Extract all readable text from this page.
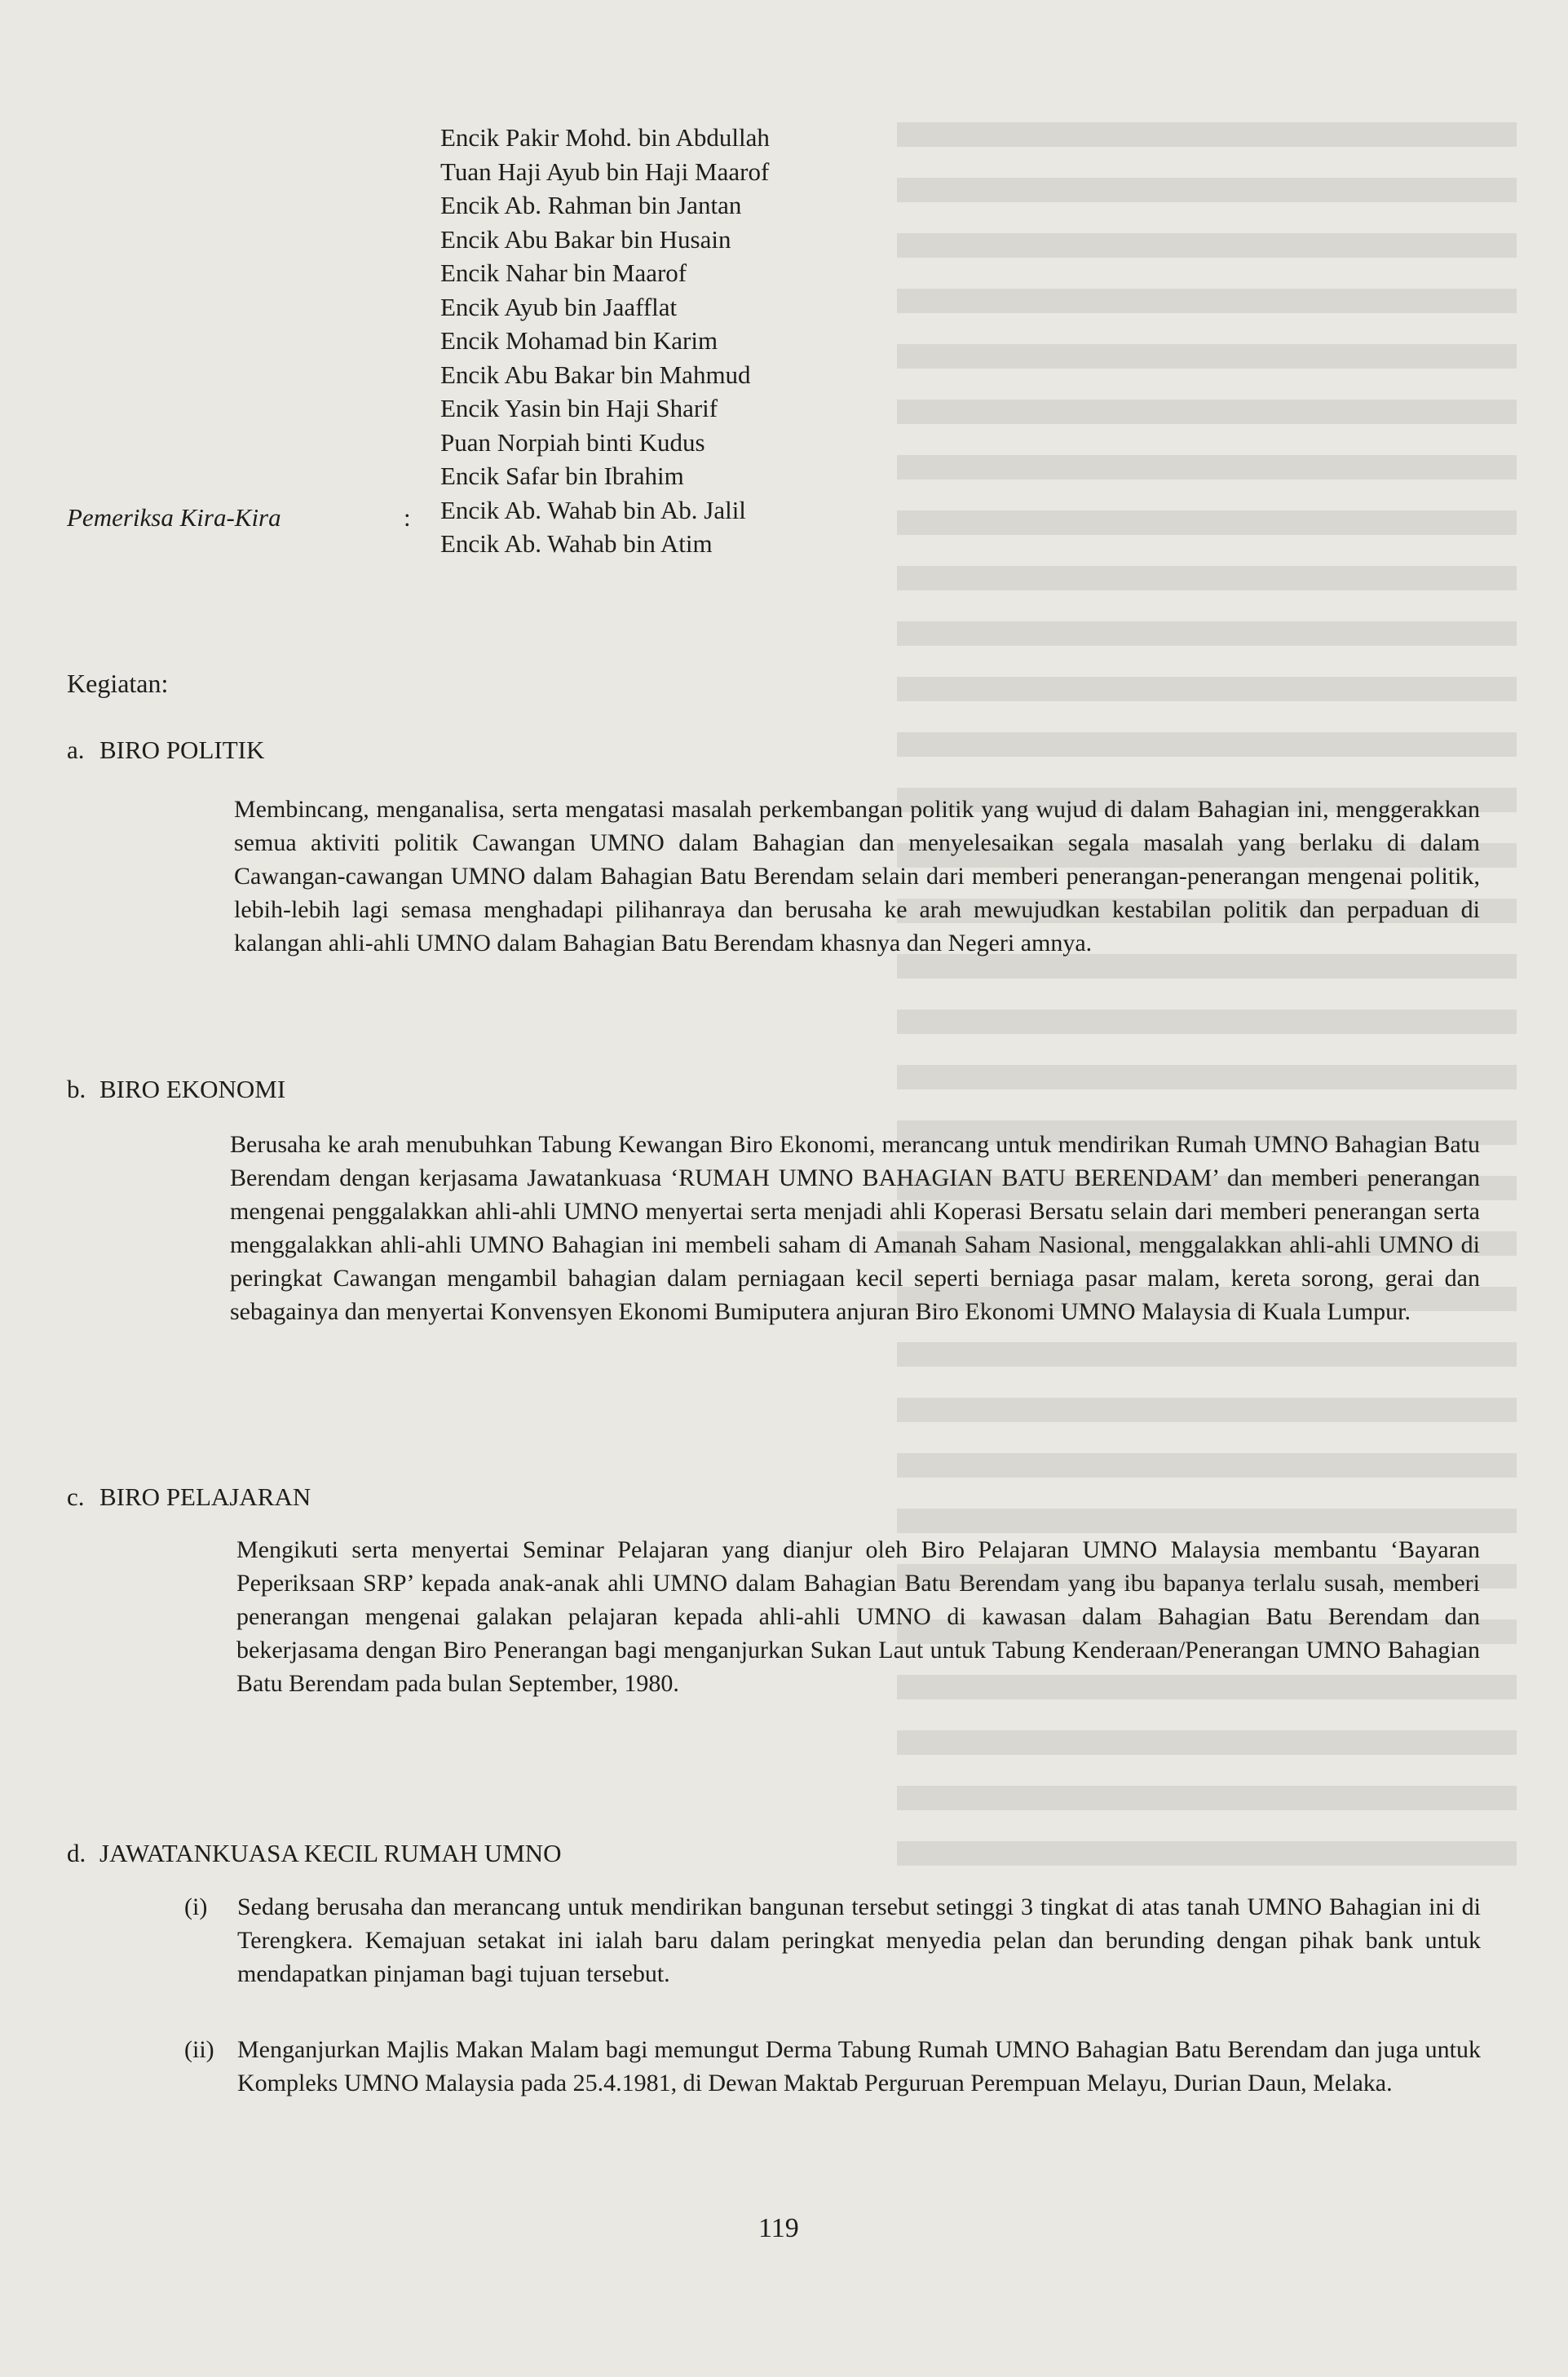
Encik Pakir Mohd. bin Abdullah
Tuan Haji Ayub bin Haji Maarof
Encik Ab. Rahman bin Jantan
Encik Abu Bakar bin Husain
Encik Nahar bin Maarof
Encik Ayub bin Jaafflat
Encik Mohamad bin Karim
Encik Abu Bakar bin Mahmud
Encik Yasin bin Haji Sharif
Puan Norpiah binti Kudus
Encik Safar bin Ibrahim
Encik Ab. Wahab bin Ab. Jalil
Encik Ab. Wahab bin Atim
Pemeriksa Kira-Kira	:
Kegiatan:
a. BIRO POLITIK

Membincang, menganalisa, serta mengatasi masalah perkembangan politik yang wujud di dalam Bahagian ini, menggerakkan semua aktiviti politik Cawangan UMNO dalam Bahagian dan menyelesaikan segala masalah yang berlaku di dalam Cawangan-cawangan UMNO dalam Bahagian Batu Berendam selain dari memberi penerangan-penerangan mengenai politik, lebih-lebih lagi semasa menghadapi pilihanraya dan berusaha ke arah mewujudkan kestabilan politik dan perpaduan di kalangan ahli-ahli UMNO dalam Bahagian Batu Berendam khasnya dan Negeri amnya.

b. BIRO EKONOMI

Berusaha ke arah menubuhkan Tabung Kewangan Biro Ekonomi, merancang untuk mendirikan Rumah UMNO Bahagian Batu Berendam dengan kerjasama Jawatankuasa ‘RUMAH UMNO BAHAGIAN BATU BERENDAM’ dan memberi penerangan mengenai penggalakkan ahli-ahli UMNO menyertai serta menjadi ahli Koperasi Bersatu selain dari memberi penerangan serta menggalakkan ahli-ahli UMNO Bahagian ini membeli saham di Amanah Saham Nasional, menggalakkan ahli-ahli UMNO di peringkat Cawangan mengambil bahagian dalam perniagaan kecil seperti berniaga pasar malam, kereta sorong, gerai dan sebagainya dan menyertai Konvensyen Ekonomi Bumiputera anjuran Biro Ekonomi UMNO Malaysia di Kuala Lumpur.

c. BIRO PELAJARAN

Mengikuti serta menyertai Seminar Pelajaran yang dianjur oleh Biro Pelajaran UMNO Malaysia membantu ‘Bayaran Peperiksaan SRP’ kepada anak-anak ahli UMNO dalam Bahagian Batu Berendam yang ibu bapanya terlalu susah, memberi penerangan mengenai galakan pelajaran kepada ahli-ahli UMNO di kawasan dalam Bahagian Batu Berendam dan bekerjasama dengan Biro Penerangan bagi menganjurkan Sukan Laut untuk Tabung Kenderaan/Penerangan UMNO Bahagian Batu Berendam pada bulan September, 1980.

d. JAWATANKUASA KECIL RUMAH UMNO
(i) Sedang berusaha dan merancang untuk mendirikan bangunan tersebut setinggi 3 tingkat di atas tanah UMNO Bahagian ini di Terengkera. Kemajuan setakat ini ialah baru dalam peringkat menyedia pelan dan berunding dengan pihak bank untuk mendapatkan pinjaman bagi tujuan tersebut.

(ii) Menganjurkan Majlis Makan Malam bagi memungut Derma Tabung Rumah UMNO Bahagian Batu Berendam dan juga untuk Kompleks UMNO Malaysia pada 25.4.1981, di Dewan Maktab Perguruan Perempuan Melayu, Durian Daun, Melaka.

119
